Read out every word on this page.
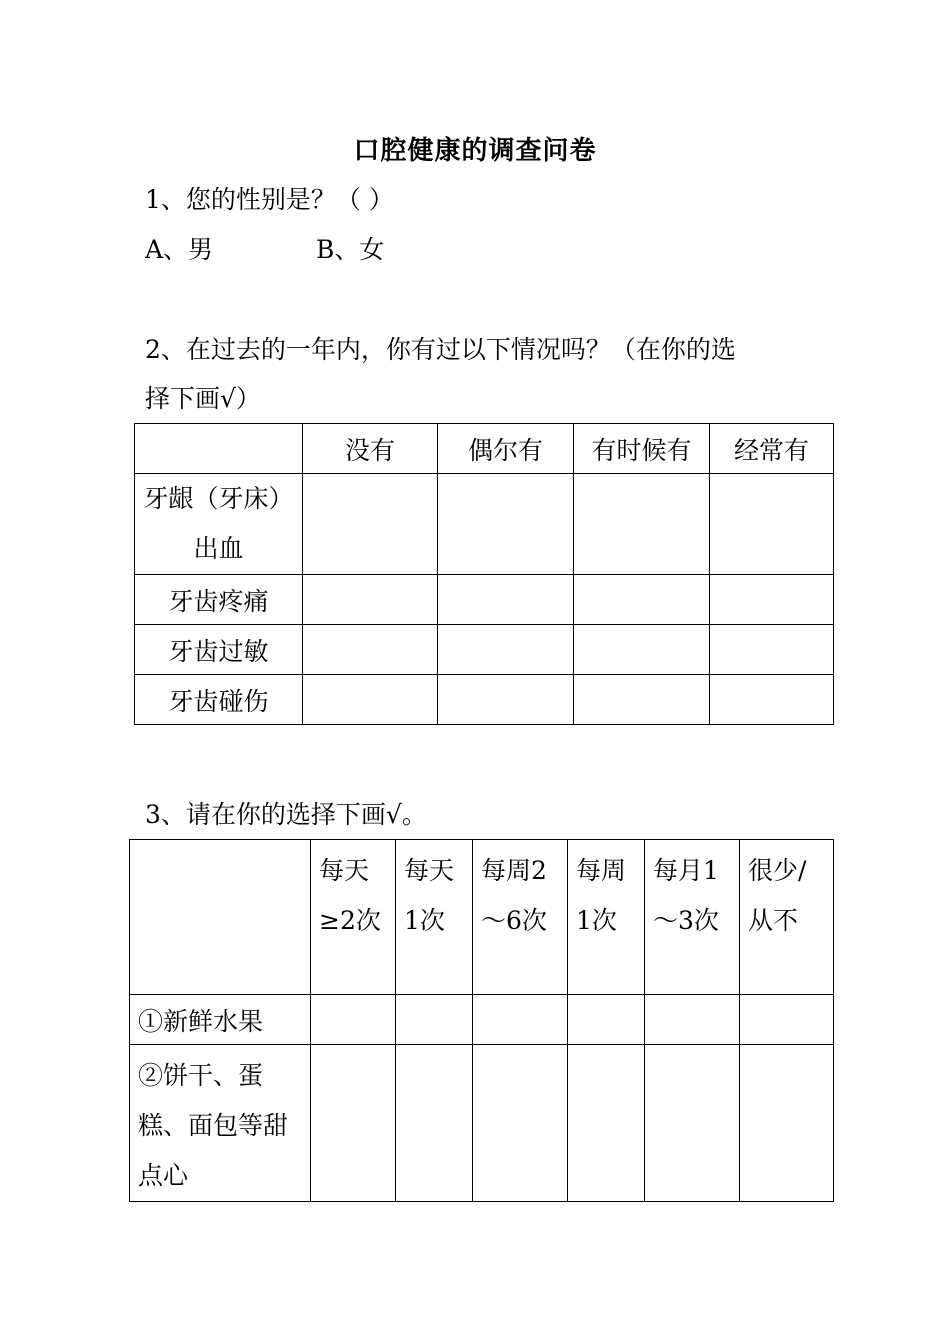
口腔健康的调查问卷
1、您的性别是？（ ）
A、男	B、女
2、在过去的一年内，你有过以下情况吗？（在你的选
择下画√）
	没有	偶尔有	有时候有	经常有

牙龈（牙床）
出血				

牙齿疼痛				
牙齿过敏				
牙齿碰伤				
3、请在你的选择下画√。
	每天≥2次	每天1次	每周2～6次	每周1次	每月1～3次	很少/从不
①新鲜水果						
②饼干、蛋糕、面包等甜点心						
